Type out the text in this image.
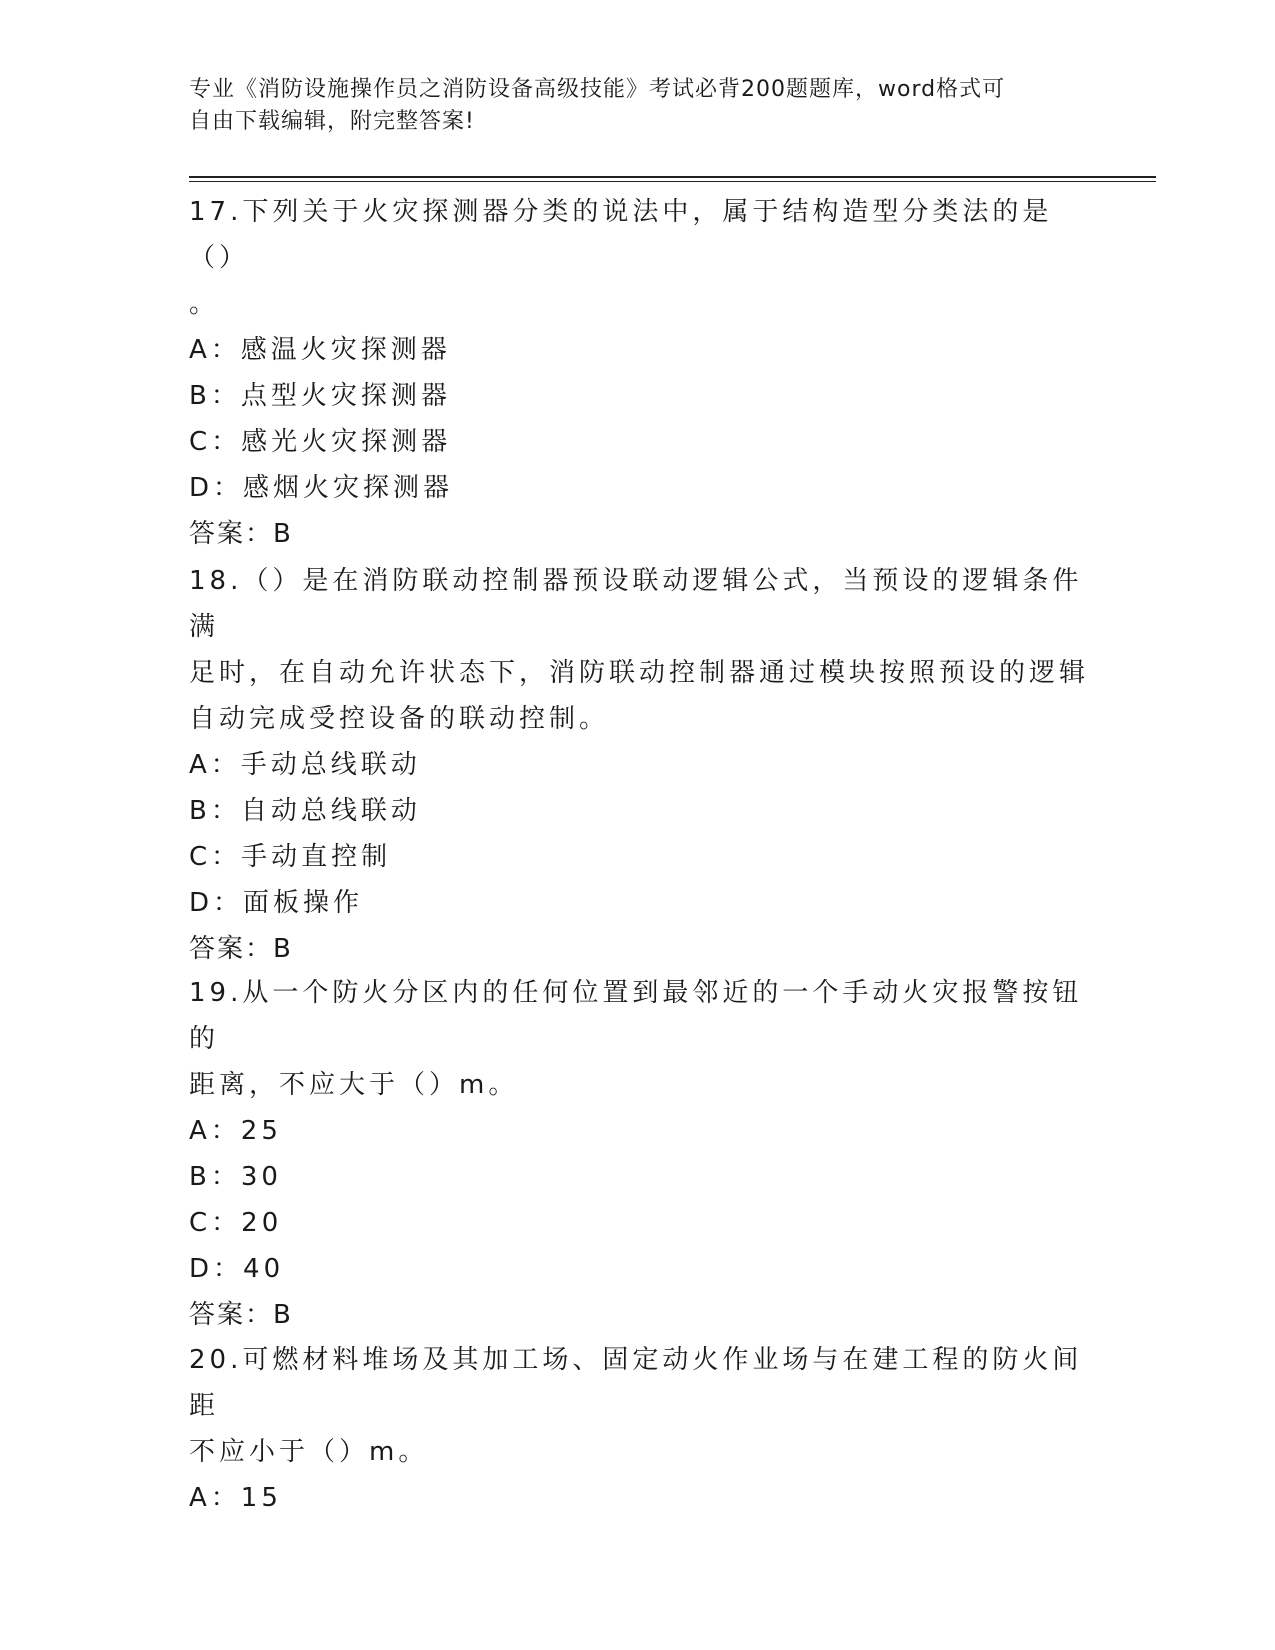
专业《消防设施操作员之消防设备高级技能》考试必背200题题库，word格式可
自由下载编辑，附完整答案!

17.下列关于火灾探测器分类的说法中，属于结构造型分类法的是（）

。

A：感温火灾探测器

B：点型火灾探测器

C：感光火灾探测器

D：感烟火灾探测器

答案：B

18.（）是在消防联动控制器预设联动逻辑公式，当预设的逻辑条件满

足时，在自动允许状态下，消防联动控制器通过模块按照预设的逻辑

自动完成受控设备的联动控制。

A：手动总线联动

B：自动总线联动

C：手动直控制

D：面板操作

答案：B

19.从一个防火分区内的任何位置到最邻近的一个手动火灾报警按钮的

距离，不应大于（）m。

A：25

B：30

C：20

D：40

答案：B

20.可燃材料堆场及其加工场、固定动火作业场与在建工程的防火间距

不应小于（）m。

A：15
